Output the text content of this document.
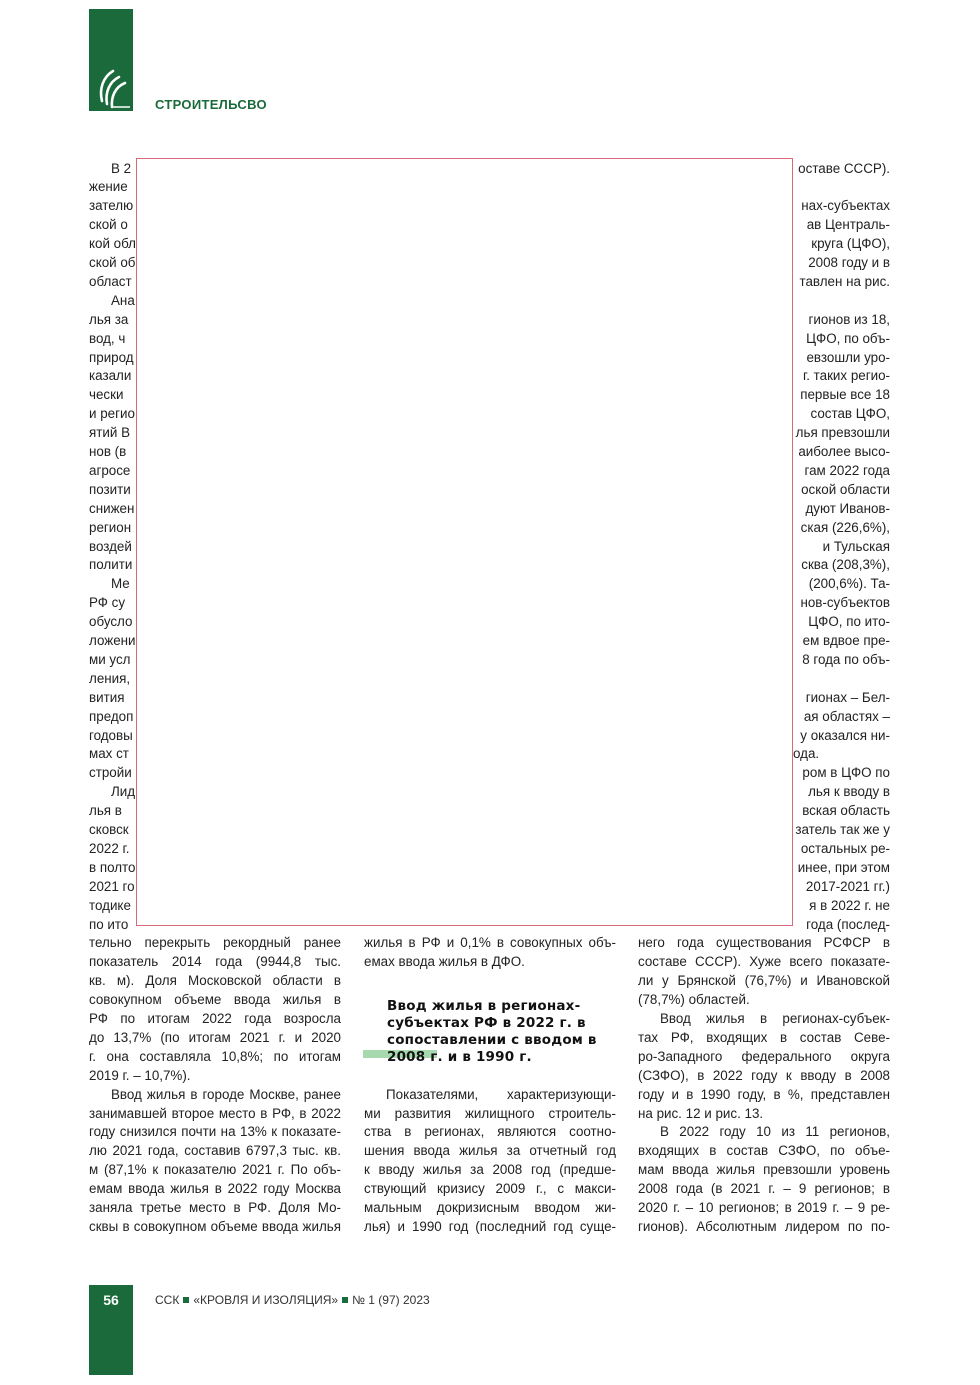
СТРОИТЕЛЬСВО
В 2
жение
зателю
ской о
кой обл
ской об
област
Ана
лья за
вод, ч
природ
казали
чески
и регио
ятий В
нов (в
агросе
позити
снижен
регион
воздей
полити
Ме
РФ су
обусло
ложени
ми усл
ления,
вития
предоп
годовы
мах ст
стройи
Лид
лья в
сковск
2022 г.
в полто
2021 го
тодике
по ито
тельно перекрыть рекордный ранее
показатель 2014 года (9944,8 тыс.
кв. м). Доля Московской области в
совокупном объеме ввода жилья в
РФ по итогам 2022 года возросла
до 13,7% (по итогам 2021 г. и 2020
г. она составляла 10,8%; по итогам
2019 г. – 10,7%).
Ввод жилья в городе Москве, ранее
занимавшей второе место в РФ, в 2022
году снизился почти на 13% к показате-
лю 2021 года, составив 6797,3 тыс. кв.
м (87,1% к показателю 2021 г. По объ-
емам ввода жилья в 2022 году Москва
заняла третье место в РФ. Доля Мо-
сквы в совокупном объеме ввода жилья
жилья в РФ и 0,1% в совокупных объ-
емах ввода жилья в ДФО.
Показателями, характеризующи-
ми развития жилищного строитель-
ства в регионах, являются соотно-
шения ввода жилья за отчетный год
к вводу жилья за 2008 год (предше-
ствующий кризису 2009 г., с макси-
мальным докризисным вводом жи-
лья) и 1990 год (последний год суще-
оставе СССР).
нах-субъектах
ав Централь-
круга (ЦФО),
2008 году и в
тавлен на рис.
гионов из 18,
ЦФО, по объ-
евзошли уро-
г. таких регио-
первые все 18
состав ЦФО,
лья превзошли
аиболее высо-
гам 2022 года
оской области
дуют Иванов-
ская (226,6%),
и Тульская
сква (208,3%),
(200,6%). Та-
нов-субъектов
ЦФО, по ито-
ем вдвое пре-
8 года по объ-
гионах – Бел-
ая областях –
у оказался ни-
ода.
ром в ЦФО по
лья к вводу в
вская область
затель так же у
остальных ре-
инее, при этом
2017-2021 гг.)
я в 2022 г. не
года (послед-
него года существования РСФСР в
составе СССР). Хуже всего показате-
ли у Брянской (76,7%) и Ивановской
(78,7%) областей.
Ввод жилья в регионах-субъек-
тах РФ, входящих в состав Севе-
ро-Западного федерального округа
(СЗФО), в 2022 году к вводу в 2008
году и в 1990 году, в %, представлен
на рис. 12 и рис. 13.
В 2022 году 10 из 11 регионов,
входящих в состав СЗФО, по объе-
мам ввода жилья превзошли уровень
2008 года (в 2021 г. – 9 регионов; в
2020 г. – 10 регионов; в 2019 г. – 9 ре-
гионов). Абсолютным лидером по по-
Ввод жилья в регионах-субъектах РФ в 2022 г. в сопоставлении с вводом в 2008 г. и в 1990 г.
56	ССК «КРОВЛЯ И ИЗОЛЯЦИЯ» № 1 (97) 2023
